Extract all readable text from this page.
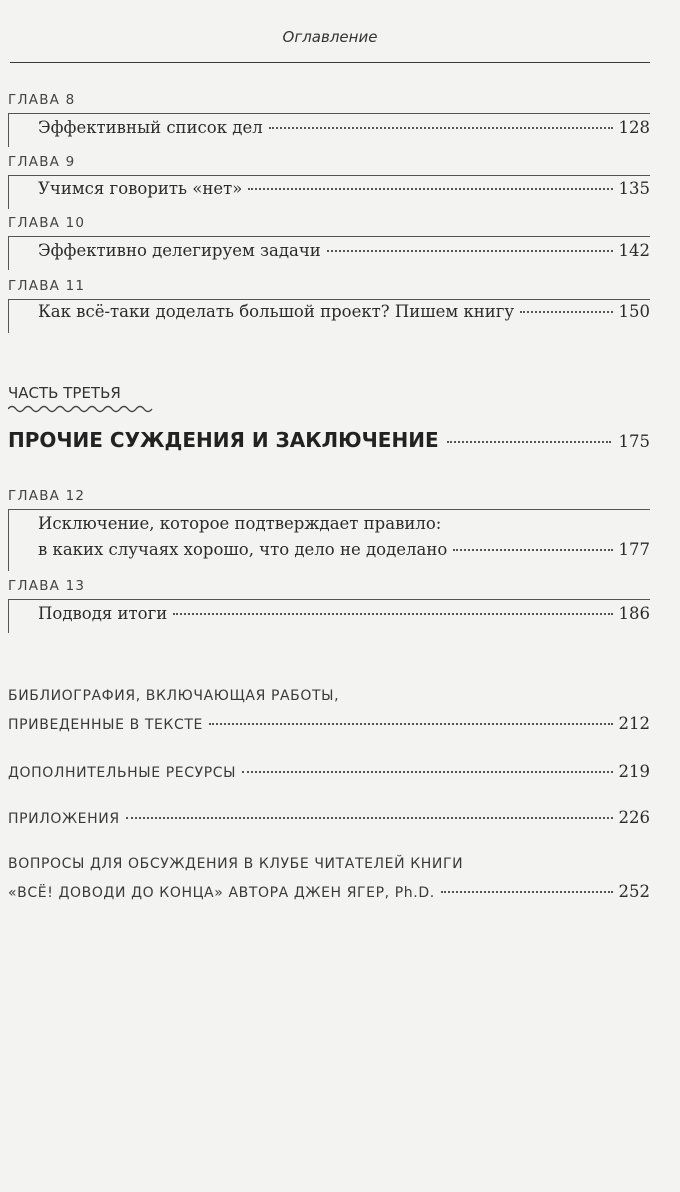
Оглавление
ГЛАВА 8
Эффективный список дел	128
ГЛАВА 9
Учимся говорить «нет»	135
ГЛАВА 10
Эффективно делегируем задачи	142
ГЛАВА 11
Как всё-таки доделать большой проект? Пишем книгу	150
ЧАСТЬ ТРЕТЬЯ
ПРОЧИЕ СУЖДЕНИЯ И ЗАКЛЮЧЕНИЕ	175
ГЛАВА 12
Исключение, которое подтверждает правило:
в каких случаях хорошо, что дело не доделано	177
ГЛАВА 13
Подводя итоги	186
БИБЛИОГРАФИЯ, ВКЛЮЧАЮЩАЯ РАБОТЫ,
ПРИВЕДЕННЫЕ В ТЕКСТЕ	212
ДОПОЛНИТЕЛЬНЫЕ РЕСУРСЫ	219
ПРИЛОЖЕНИЯ	226
ВОПРОСЫ ДЛЯ ОБСУЖДЕНИЯ В КЛУБЕ ЧИТАТЕЛЕЙ КНИГИ
«ВСЁ! ДОВОДИ ДО КОНЦА» АВТОРА ДЖЕН ЯГЕР, Ph.D.	252
